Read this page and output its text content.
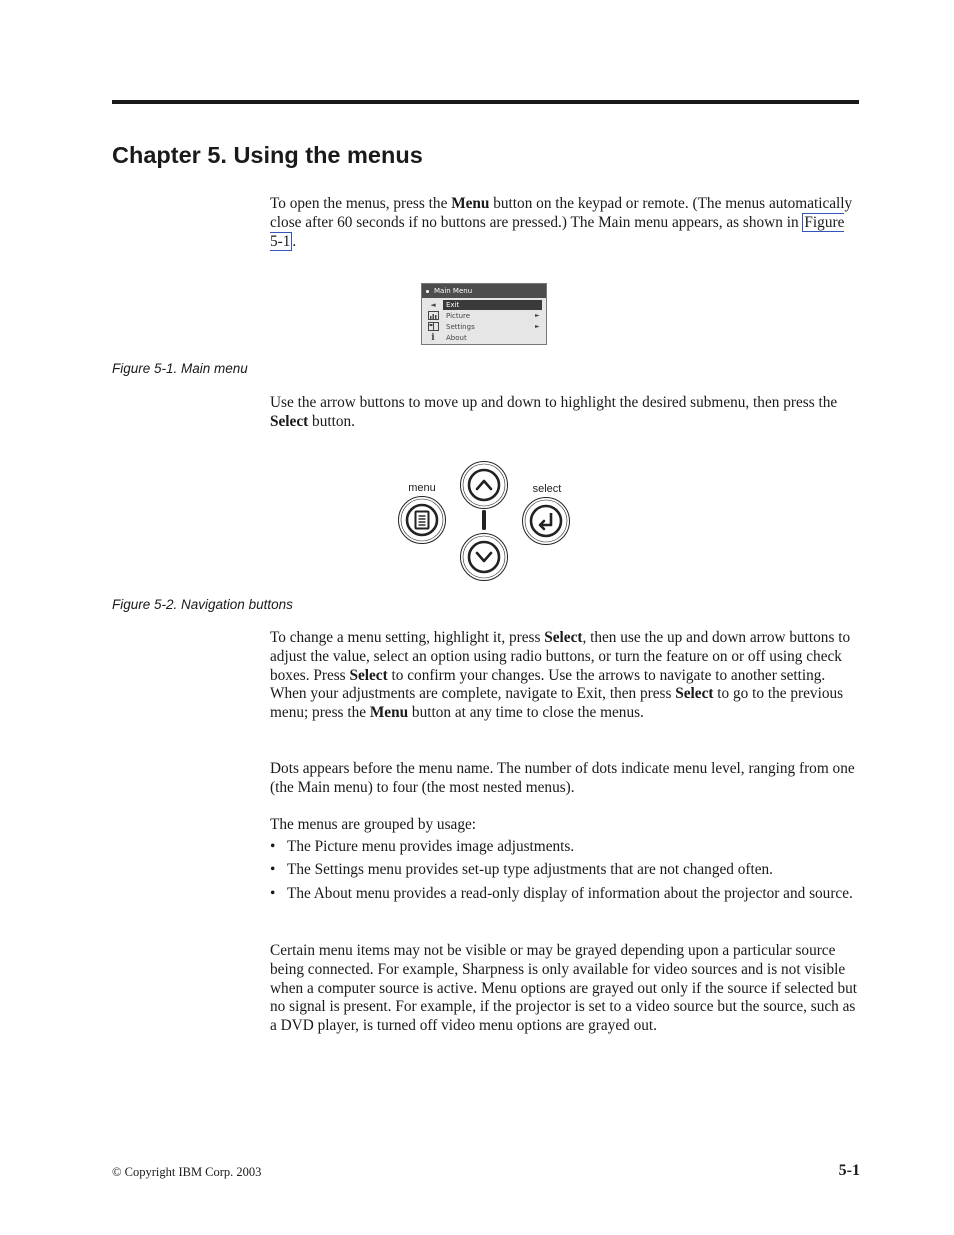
Chapter 5. Using the menus

To open the menus, press the Menu button on the keypad or remote. (The menus automatically close after 60 seconds if no buttons are pressed.) The Main menu appears, as shown in Figure 5-1 .

Main Menu
◄	Exit
Picture	►
Settings	►
i	About

Figure 5-1. Main menu

Use the arrow buttons to move up and down to highlight the desired submenu, then press the Select button.

menu	select

Figure 5-2. Navigation buttons

To change a menu setting, highlight it, press Select, then use the up and down arrow buttons to adjust the value, select an option using radio buttons, or turn the feature on or off using check boxes. Press Select to confirm your changes. Use the arrows to navigate to another setting. When your adjustments are complete, navigate to Exit, then press Select to go to the previous menu; press the Menu button at any time to close the menus.

Dots appears before the menu name. The number of dots indicate menu level, ranging from one (the Main menu) to four (the most nested menus).

The menus are grouped by usage:

• The Picture menu provides image adjustments.
• The Settings menu provides set-up type adjustments that are not changed often.
• The About menu provides a read-only display of information about the projector and source.

Certain menu items may not be visible or may be grayed depending upon a particular source being connected. For example, Sharpness is only available for video sources and is not visible when a computer source is active. Menu options are grayed out only if the source if selected but no signal is present. For example, if the projector is set to a video source but the source, such as a DVD player, is turned off video menu options are grayed out.

© Copyright IBM Corp. 2003	5-1
